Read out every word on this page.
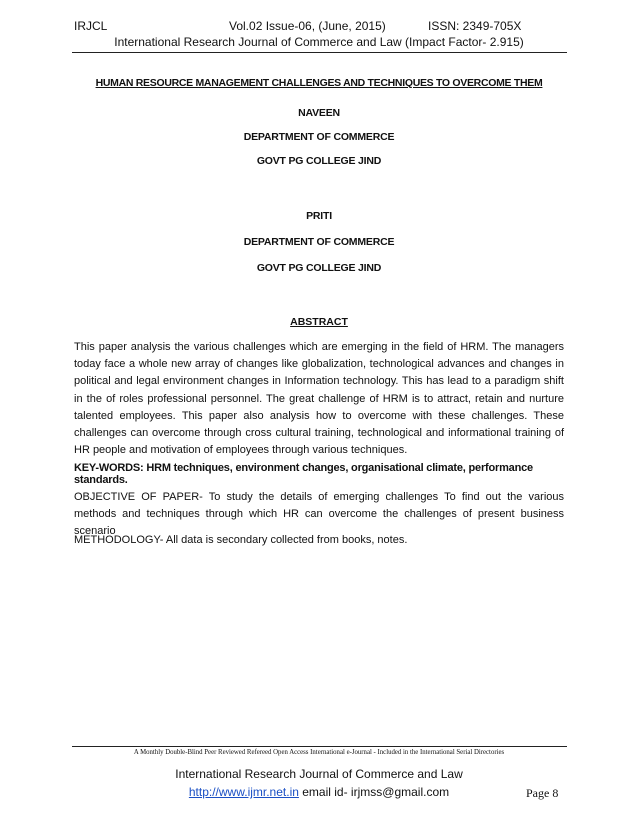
IRJCL	Vol.02 Issue-06, (June, 2015)	ISSN: 2349-705X
International Research Journal of Commerce and Law (Impact Factor- 2.915)
HUMAN RESOURCE MANAGEMENT CHALLENGES AND TECHNIQUES TO OVERCOME THEM
NAVEEN
DEPARTMENT OF COMMERCE
GOVT PG COLLEGE JIND
PRITI
DEPARTMENT OF COMMERCE
GOVT PG COLLEGE JIND
ABSTRACT
This paper analysis the various challenges which are emerging in the field of HRM. The managers today face a whole new array of changes like globalization, technological advances and changes in political and legal environment changes in Information technology. This has lead to a paradigm shift in the of roles professional personnel. The great challenge of HRM is to attract, retain and nurture talented employees. This paper also analysis how to overcome with these challenges. These challenges can overcome through cross cultural training, technological and informational training of HR people and motivation of employees through various techniques.
KEY-WORDS: HRM techniques, environment changes, organisational climate, performance standards.
OBJECTIVE OF PAPER- To study the details of emerging challenges To find out the various methods and techniques through which HR can overcome the challenges of present business scenario
METHODOLOGY- All data is secondary collected from books, notes.
A Monthly Double-Blind Peer Reviewed Refereed Open Access International e-Journal - Included in the International Serial Directories
International Research Journal of Commerce and Law
http://www.ijmr.net.in email id- irjmss@gmail.com	Page 8
